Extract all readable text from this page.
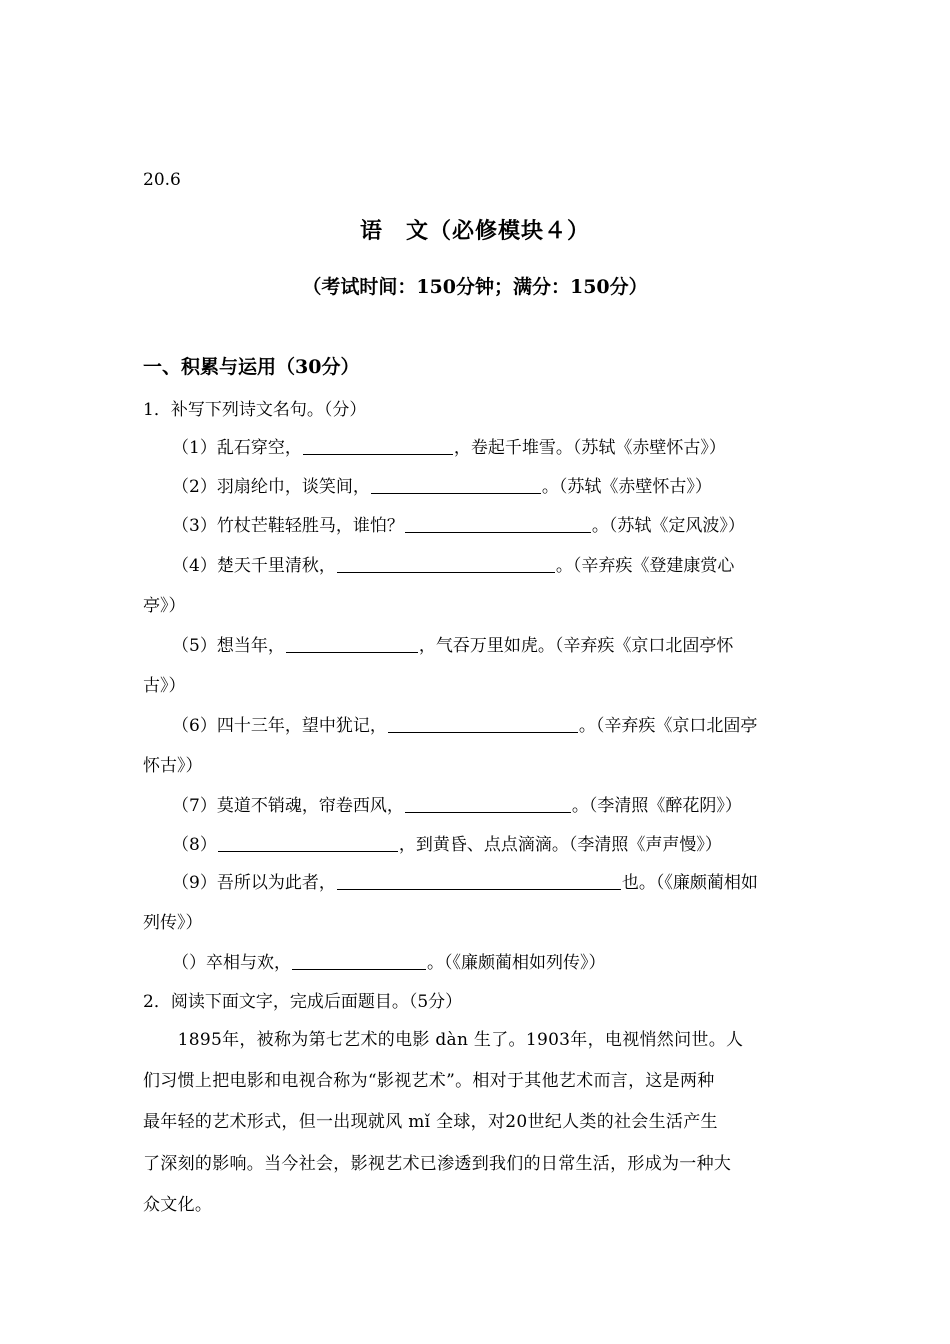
20.6
语　文（必修模块４）
（考试时间：150分钟；满分：150分）
一、积累与运用（30分）
1．补写下列诗文名句。（分）
（1）乱石穿空，	，卷起千堆雪。（苏轼《赤壁怀古》）
（2）羽扇纶巾，谈笑间，	。（苏轼《赤壁怀古》）
（3）竹杖芒鞋轻胜马，谁怕？	。（苏轼《定风波》）
（4）楚天千里清秋，	。（辛弃疾《登建康赏心
亭》）
（5）想当年，	，气吞万里如虎。（辛弃疾《京口北固亭怀
古》）
（6）四十三年，望中犹记，	。（辛弃疾《京口北固亭
怀古》）
（7）莫道不销魂，帘卷西风，	。（李清照《醉花阴》）
（8）	，到黄昏、点点滴滴。（李清照《声声慢》）
（9）吾所以为此者，	也。（《廉颇蔺相如
列传》）
（）卒相与欢，	。（《廉颇蔺相如列传》）
2．阅读下面文字，完成后面题目。（5分）
　　1895年，被称为第七艺术的电影 dàn 生了。1903年，电视悄然问世。人
们习惯上把电影和电视合称为“影视艺术”。相对于其他艺术而言，这是两种
最年轻的艺术形式，但一出现就风 mǐ 全球，对20世纪人类的社会生活产生
了深刻的影响。当今社会，影视艺术已渗透到我们的日常生活，形成为一种大
众文化。
